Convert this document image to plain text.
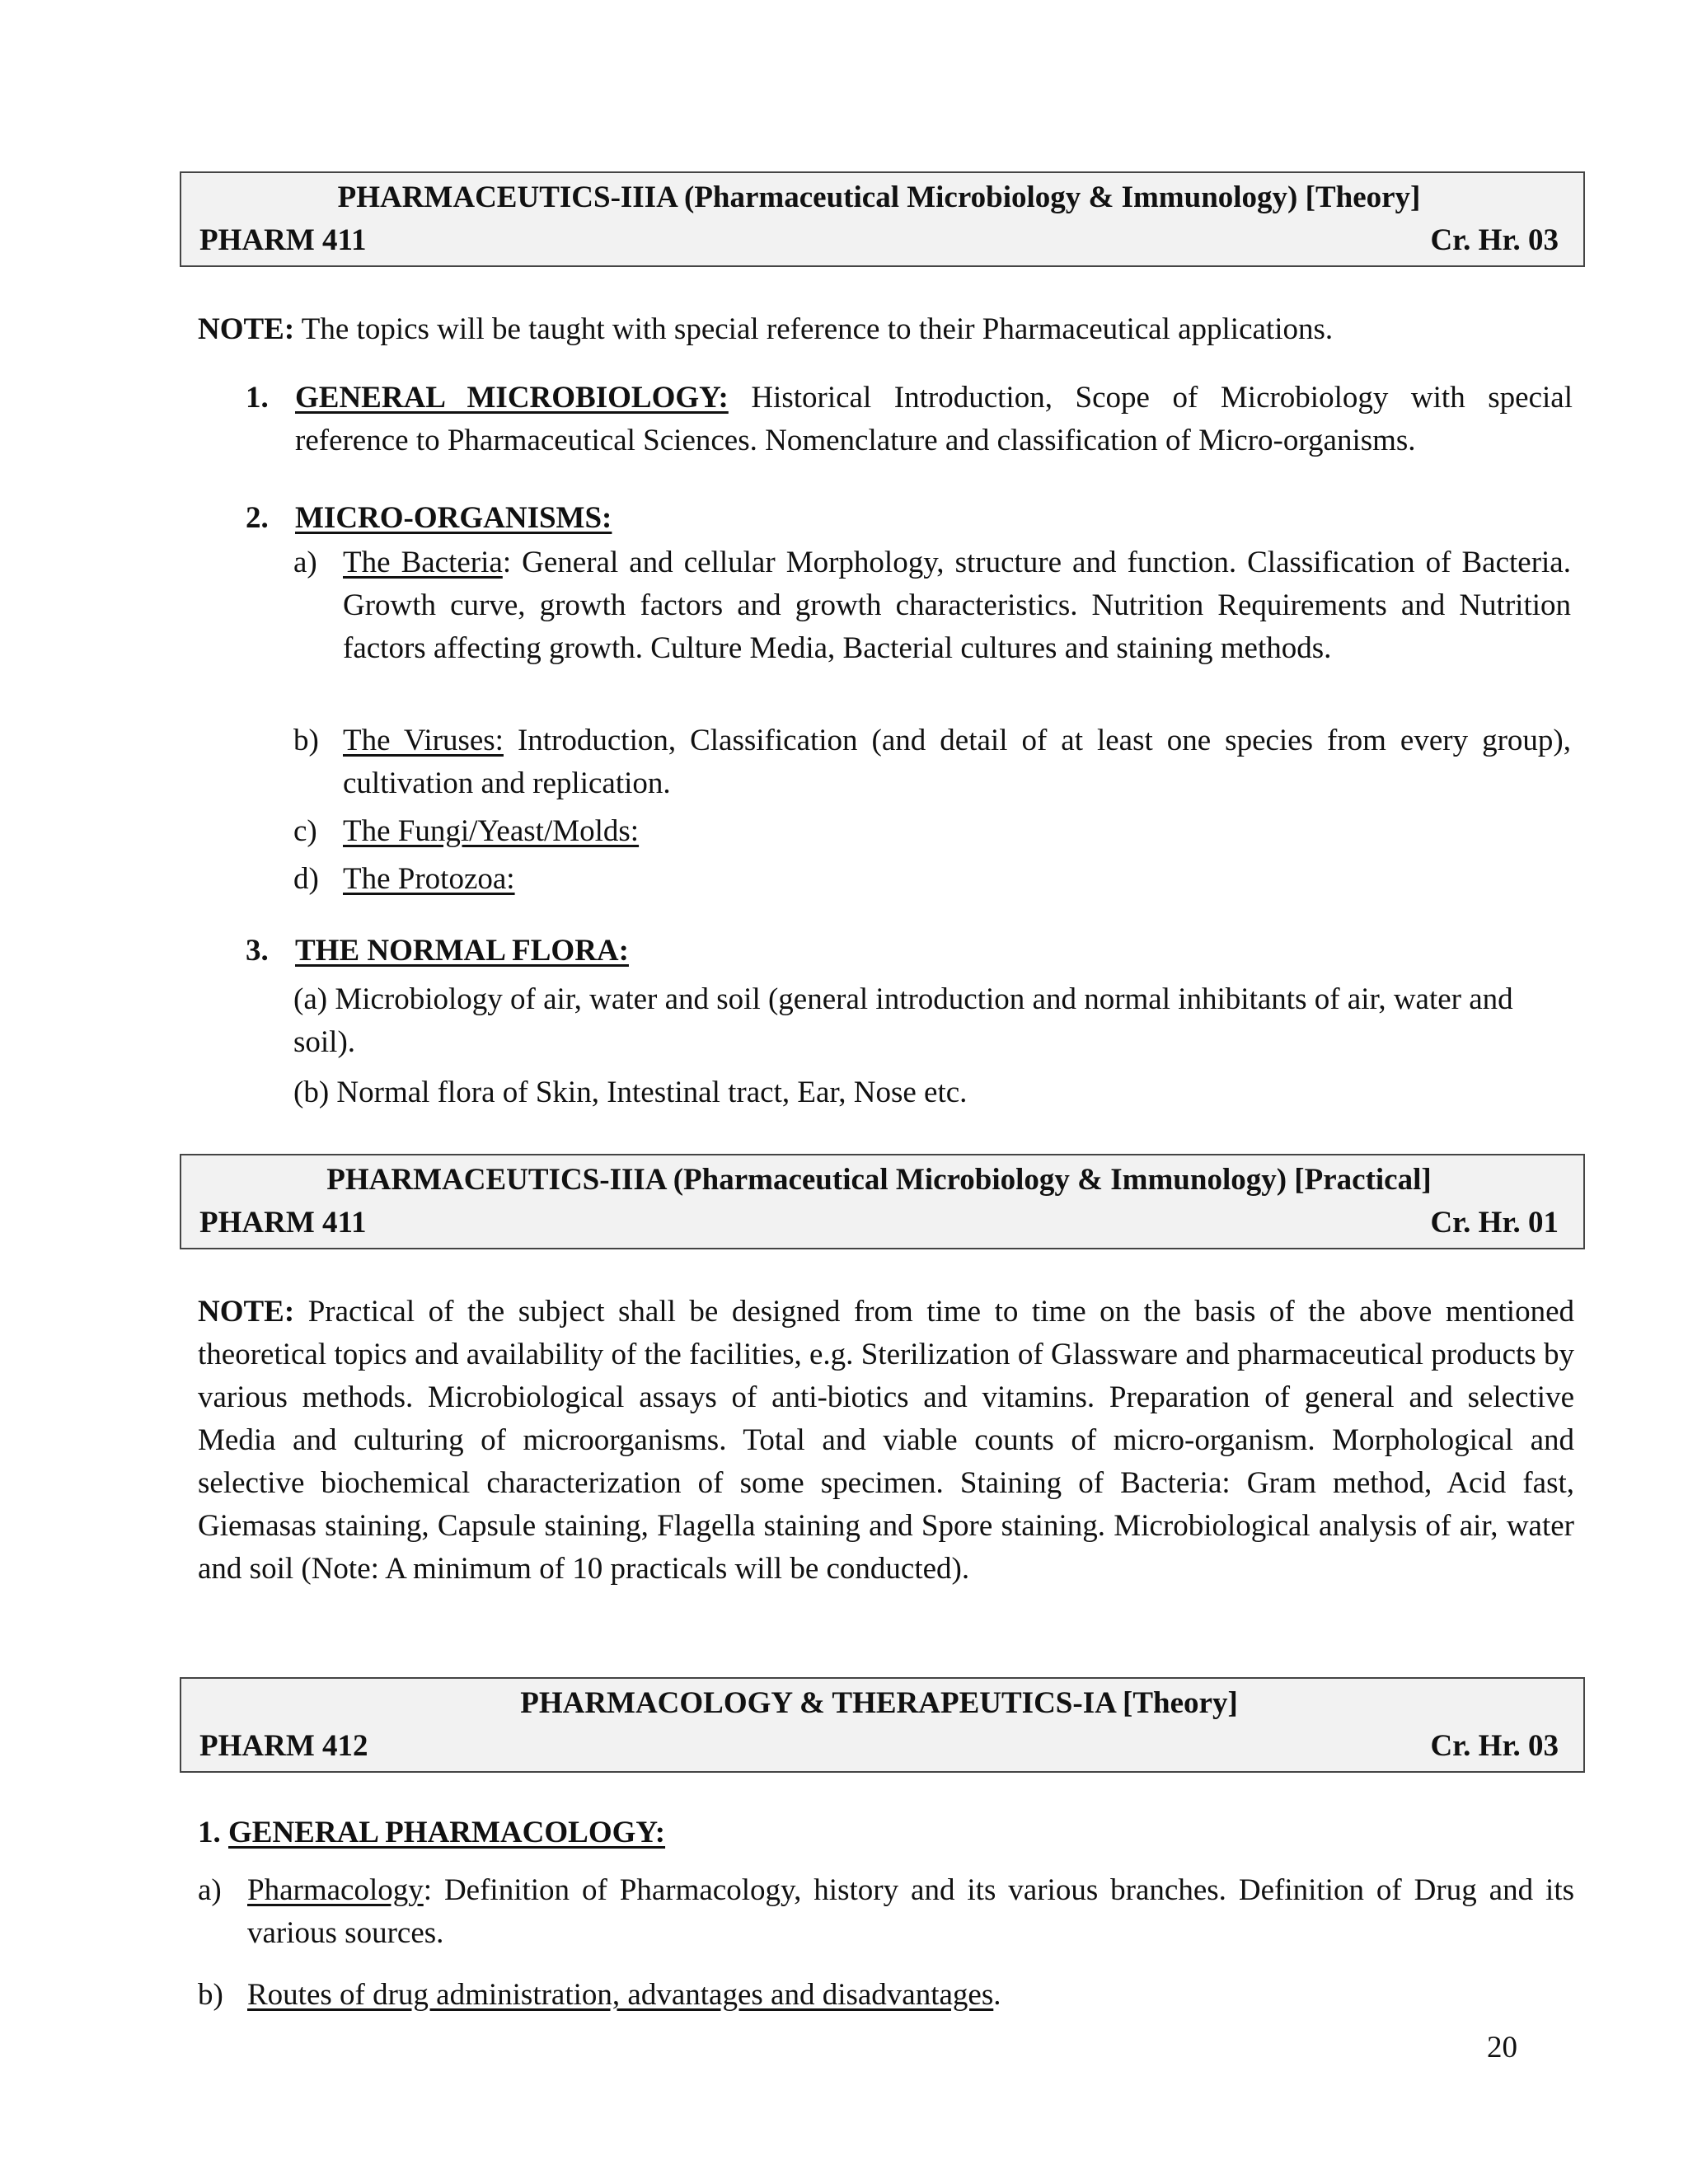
PHARMACEUTICS-IIIA (Pharmaceutical Microbiology & Immunology) [Theory]
PHARM 411	Cr. Hr. 03
NOTE: The topics will be taught with special reference to their Pharmaceutical applications.
1. GENERAL MICROBIOLOGY: Historical Introduction, Scope of Microbiology with special reference to Pharmaceutical Sciences. Nomenclature and classification of Micro-organisms.
2. MICRO-ORGANISMS:
a) The Bacteria: General and cellular Morphology, structure and function. Classification of Bacteria. Growth curve, growth factors and growth characteristics. Nutrition Requirements and Nutrition factors affecting growth. Culture Media, Bacterial cultures and staining methods.
b) The Viruses: Introduction, Classification (and detail of at least one species from every group), cultivation and replication.
c) The Fungi/Yeast/Molds:
d) The Protozoa:
3. THE NORMAL FLORA:
(a) Microbiology of air, water and soil (general introduction and normal inhibitants of air, water and soil).
(b) Normal flora of Skin, Intestinal tract, Ear, Nose etc.
PHARMACEUTICS-IIIA (Pharmaceutical Microbiology & Immunology) [Practical]
PHARM 411	Cr. Hr. 01
NOTE: Practical of the subject shall be designed from time to time on the basis of the above mentioned theoretical topics and availability of the facilities, e.g. Sterilization of Glassware and pharmaceutical products by various methods. Microbiological assays of anti-biotics and vitamins. Preparation of general and selective Media and culturing of microorganisms. Total and viable counts of micro-organism. Morphological and selective biochemical characterization of some specimen. Staining of Bacteria: Gram method, Acid fast, Giemasas staining, Capsule staining, Flagella staining and Spore staining. Microbiological analysis of air, water and soil (Note: A minimum of 10 practicals will be conducted).
PHARMACOLOGY & THERAPEUTICS-IA [Theory]
PHARM 412	Cr. Hr. 03
1. GENERAL PHARMACOLOGY:
a) Pharmacology: Definition of Pharmacology, history and its various branches. Definition of Drug and its various sources.
b) Routes of drug administration, advantages and disadvantages.
20
